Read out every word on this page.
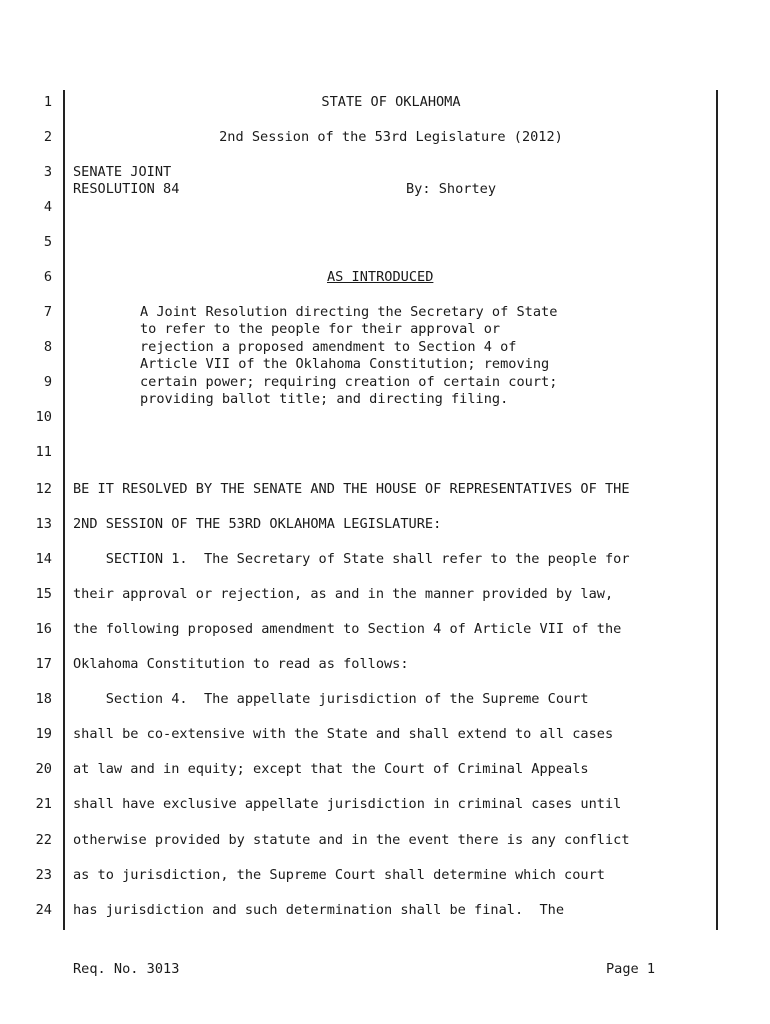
1
2
3
4
5
6
7
8
9
10
11
12
13
14
15
16
17
18
19
20
21
22
23
24
STATE OF OKLAHOMA
2nd Session of the 53rd Legislature (2012)
SENATE JOINT
RESOLUTION 84	By: Shortey
AS INTRODUCED
A Joint Resolution directing the Secretary of State
to refer to the people for their approval or
rejection a proposed amendment to Section 4 of
Article VII of the Oklahoma Constitution; removing
certain power; requiring creation of certain court;
providing ballot title; and directing filing.
BE IT RESOLVED BY THE SENATE AND THE HOUSE OF REPRESENTATIVES OF THE
2ND SESSION OF THE 53RD OKLAHOMA LEGISLATURE:
SECTION 1.  The Secretary of State shall refer to the people for
their approval or rejection, as and in the manner provided by law,
the following proposed amendment to Section 4 of Article VII of the
Oklahoma Constitution to read as follows:
Section 4.  The appellate jurisdiction of the Supreme Court
shall be co-extensive with the State and shall extend to all cases
at law and in equity; except that the Court of Criminal Appeals
shall have exclusive appellate jurisdiction in criminal cases until
otherwise provided by statute and in the event there is any conflict
as to jurisdiction, the Supreme Court shall determine which court
has jurisdiction and such determination shall be final.  The
Req. No. 3013	Page 1
